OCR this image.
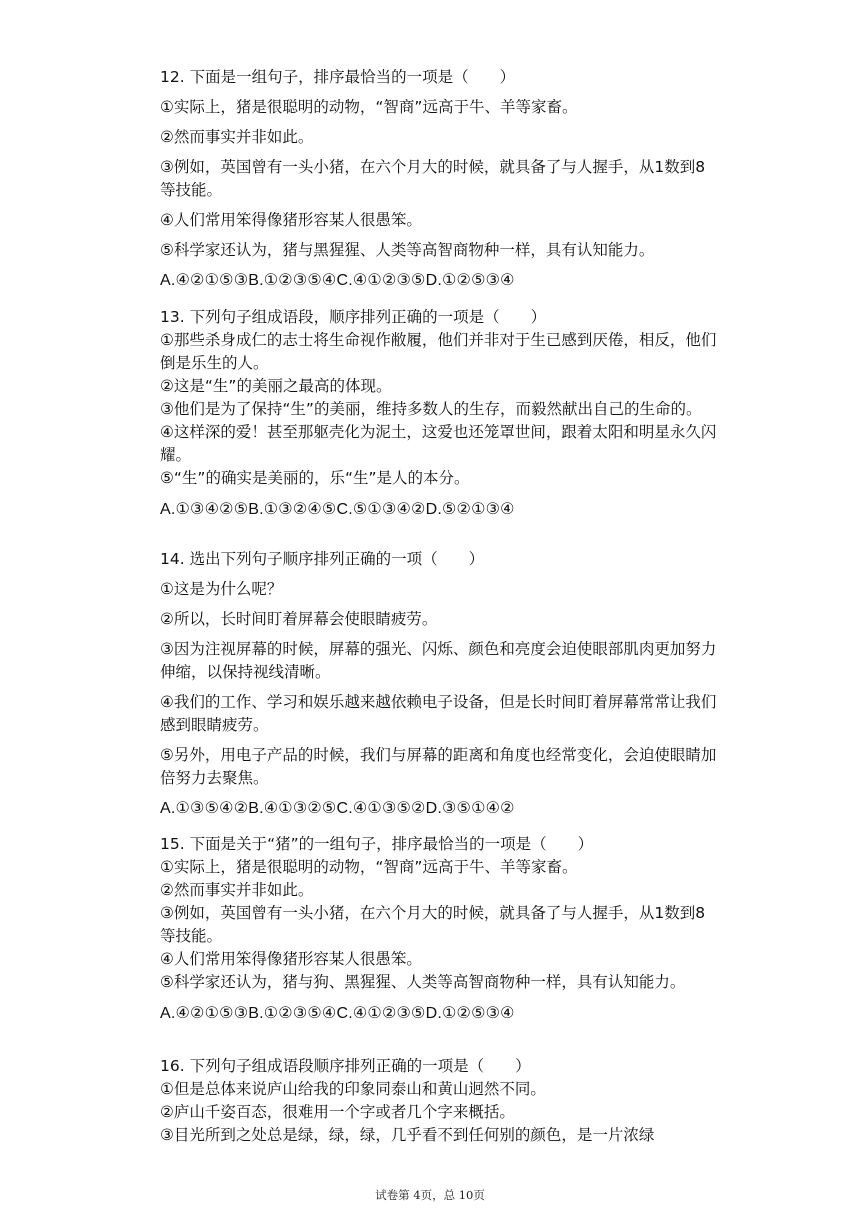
12. 下面是一组句子，排序最恰当的一项是（　　）

①实际上，猪是很聪明的动物，“智商”远高于牛、羊等家畜。

②然而事实并非如此。

③例如，英国曾有一头小猪，在六个月大的时候，就具备了与人握手，从1数到8等技能。

④人们常用笨得像猪形容某人很愚笨。

⑤科学家还认为，猪与黑猩猩、人类等高智商物种一样，具有认知能力。

A.④②①⑤③B.①②③⑤④C.④①②③⑤D.①②⑤③④

13. 下列句子组成语段，顺序排列正确的一项是（　　）

①那些杀身成仁的志士将生命视作敝履，他们并非对于生已感到厌倦，相反，他们倒是乐生的人。

②这是“生”的美丽之最高的体现。

③他们是为了保持“生”的美丽，维持多数人的生存，而毅然献出自己的生命的。

④这样深的爱！甚至那躯壳化为泥土，这爱也还笼罩世间，跟着太阳和明星永久闪耀。

⑤“生”的确实是美丽的，乐“生”是人的本分。

A.①③④②⑤B.①③②④⑤C.⑤①③④②D.⑤②①③④

14. 选出下列句子顺序排列正确的一项（　　）

①这是为什么呢？

②所以，长时间盯着屏幕会使眼睛疲劳。

③因为注视屏幕的时候，屏幕的强光、闪烁、颜色和亮度会迫使眼部肌肉更加努力伸缩，以保持视线清晰。

④我们的工作、学习和娱乐越来越依赖电子设备，但是长时间盯着屏幕常常让我们感到眼睛疲劳。

⑤另外，用电子产品的时候，我们与屏幕的距离和角度也经常变化，会迫使眼睛加倍努力去聚焦。

A.①③⑤④②B.④①③②⑤C.④①③⑤②D.③⑤①④②

15. 下面是关于“猪”的一组句子，排序最恰当的一项是（　　）

①实际上，猪是很聪明的动物，“智商”远高于牛、羊等家畜。

②然而事实并非如此。

③例如，英国曾有一头小猪，在六个月大的时候，就具备了与人握手，从1数到8等技能。

④人们常用笨得像猪形容某人很愚笨。

⑤科学家还认为，猪与狗、黑猩猩、人类等高智商物种一样，具有认知能力。

A.④②①⑤③B.①②③⑤④C.④①②③⑤D.①②⑤③④

16. 下列句子组成语段顺序排列正确的一项是（　　）

①但是总体来说庐山给我的印象同泰山和黄山迥然不同。

②庐山千姿百态，很难用一个字或者几个字来概括。

③目光所到之处总是绿，绿，绿，几乎看不到任何别的颜色，是一片浓绿

试卷第 4页，总 10页
